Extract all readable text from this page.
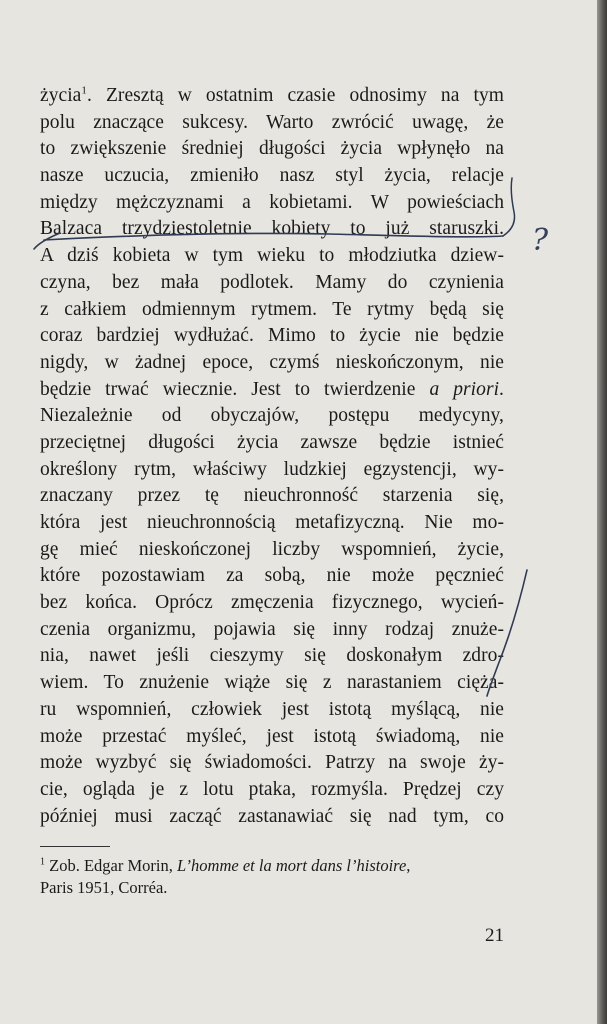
życia$^1$. Zresztą w ostatnim czasie odnosimy na tym
polu znaczące sukcesy. Warto zwrócić uwagę, że
to zwiększenie średniej długości życia wpłynęło na
nasze uczucia, zmieniło nasz styl życia, relacje
między mężczyznami a kobietami. W powieściach
Balzaca trzydziestoletnie kobiety to już staruszki.
A dziś kobieta w tym wieku to młodziutka dziew-
czyna, bez mała podlotek. Mamy do czynienia
z całkiem odmiennym rytmem. Te rytmy będą się
coraz bardziej wydłużać. Mimo to życie nie będzie
nigdy, w żadnej epoce, czymś nieskończonym, nie
będzie trwać wiecznie. Jest to twierdzenie a priori.
Niezależnie od obyczajów, postępu medycyny,
przeciętnej długości życia zawsze będzie istnieć
określony rytm, właściwy ludzkiej egzystencji, wy-
znaczany przez tę nieuchronność starzenia się,
która jest nieuchronnością metafizyczną. Nie mo-
gę mieć nieskończonej liczby wspomnień, życie,
które pozostawiam za sobą, nie może pęcznieć
bez końca. Oprócz zmęczenia fizycznego, wycień-
czenia organizmu, pojawia się inny rodzaj znuże-
nia, nawet jeśli cieszymy się doskonałym zdro-
wiem. To znużenie wiąże się z narastaniem cięża-
ru wspomnień, człowiek jest istotą myślącą, nie
może przestać myśleć, jest istotą świadomą, nie
może wyzbyć się świadomości. Patrzy na swoje ży-
cie, ogląda je z lotu ptaka, rozmyśla. Prędzej czy
później musi zacząć zastanawiać się nad tym, co
$^1$ Zob. Edgar Morin, L’homme et la mort dans l’histoire,
Paris 1951, Corréa.
21
?
